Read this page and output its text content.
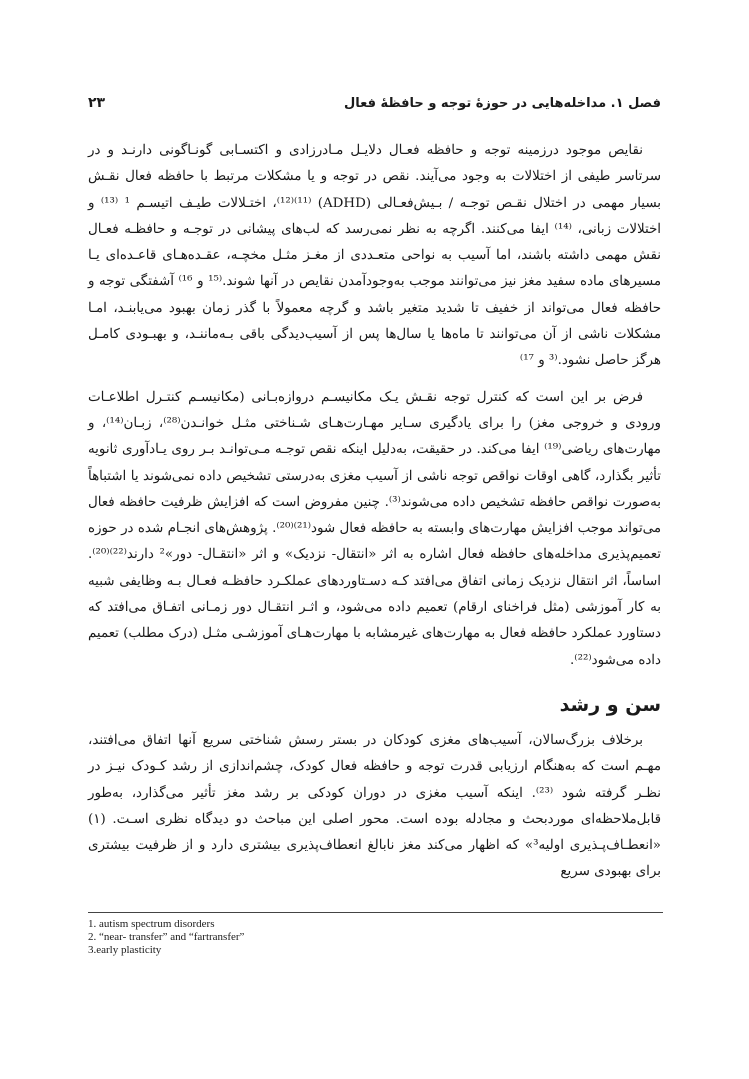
فصل ۱. مداخله‌هایی در حوزۀ توجه و حافظۀ فعال
۲۳

نقایص موجود درزمینه توجه و حافظه فعـال دلایـل مـادرزادی و اکتسـابی گونـاگونی دارنـد و در سرتاسر طیفی از اختلالات به وجود می‌آیند. نقص در توجه و یا مشکلات مرتبط با حافظه فعال نقـش بسیار مهمی در اختلال نقـص توجـه / بـیش‌فعـالی (ADHD) ⁽¹¹⁾⁽¹²⁾، اختـلالات طیـف اتیسـم ¹ ⁽¹³⁾ و اختلالات زبانی، ⁽¹⁴⁾ ایفا می‌کنند. اگرچه به نظر نمی‌رسد که لب‌های پیشانی در توجـه و حافظـه فعـال نقش مهمی داشته باشند، اما آسیب به نواحی متعـددی از مغـز مثـل مخچـه، عقـده‌هـای قاعـده‌ای یـا مسیرهای ماده سفید مغز نیز می‌توانند موجب به‌وجودآمدن نقایص در آنها شوند.⁽¹⁵ و ¹⁶⁾ آشفتگی توجه و حافظه فعال می‌تواند از خفیف تا شدید متغیر باشد و گرچه معمولاً با گذر زمان بهبود می‌یابنـد، امـا مشکلات ناشی از آن می‌توانند تا ماه‌ها یا سال‌ها پس از آسیب‌دیدگی باقی بـه‌ماننـد، و بهبـودی کامـل هرگز حاصل نشود.⁽³ و ¹⁷⁾

فرض بر این است که کنترل توجه نقـش یـک مکانیسـم دروازه‌بـانی (مکانیسـم کنتـرل اطلاعـات ورودی و خروجی مغز) را برای یادگیری سـایر مهـارت‌هـای شـناختی مثـل خوانـدن⁽²⁸⁾، زبـان⁽¹⁴⁾، و مهارت‌های ریاضی⁽¹⁹⁾ ایفا می‌کند. در حقیقت، به‌دلیل اینکه نقص توجـه مـی‌توانـد بـر روی یـادآوری ثانویه تأثیر بگذارد، گاهی اوقات نواقص توجه ناشی از آسیب مغزی به‌درستی تشخیص داده نمی‌شوند یا اشتباهاً به‌صورت نواقص حافظه تشخیص داده می‌شوند⁽³⁾. چنین مفروض است که افزایش ظرفیت حافظه فعال می‌تواند موجب افزایش مهارت‌های وابسته به حافظه فعال شود⁽²¹⁾⁽²⁰⁾. پژوهش‌های انجـام شده در حوزه تعمیم‌پذیری مداخله‌های حافظه فعال اشاره به اثر «انتقال- نزدیک» و اثر «انتقـال- دور»² دارند⁽²²⁾⁽²⁰⁾. اساساً، اثر انتقال نزدیک زمانی اتفاق می‌افتد کـه دسـتاوردهای عملکـرد حافظـه فعـال بـه وظایفی شبیه به کار آموزشی (مثل فراخنای ارقام) تعمیم داده می‌شود، و اثـر انتقـال دور زمـانی اتفـاق می‌افتد که دستاورد عملکرد حافظه فعال به مهارت‌های غیرمشابه با مهارت‌هـای آموزشـی مثـل (درک مطلب) تعمیم داده می‌شود⁽²²⁾.

سن و رشد

برخلاف بزرگ‌سالان، آسیب‌های مغزی کودکان در بستر رسش شناختی سریع آنها اتفاق می‌افتند، مهـم است که به‌هنگام ارزیابی قدرت توجه و حافظه فعال کودک، چشم‌اندازی از رشد کـودک نیـز در نظـر گرفته شود ⁽²³⁾. اینکه آسیب مغزی در دوران کودکی بر رشد مغز تأثیر می‌گذارد، به‌طور قابل‌ملاحظه‌ای موردبحث و مجادله بوده است. محور اصلی این مباحث دو دیدگاه نظری اسـت. (۱) «انعطـاف‌پـذیری اولیه³» که اظهار می‌کند مغز نابالغ انعطاف‌پذیری بیشتری دارد و از ظرفیت بیشتری برای بهبودی سریع

1. autism spectrum disorders
2. “near- transfer” and “fartransfer”
3.early plasticity
